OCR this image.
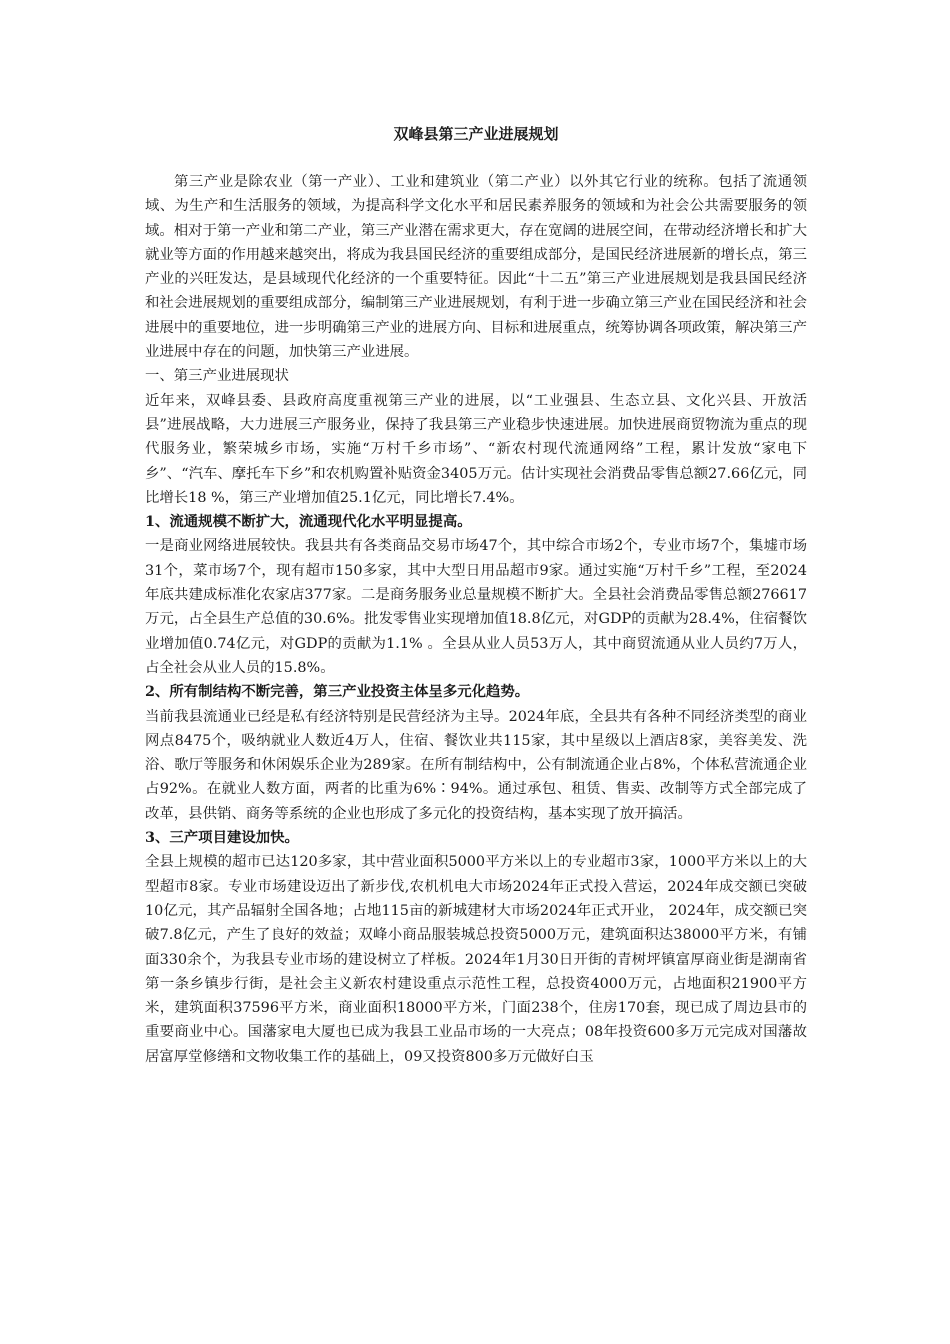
双峰县第三产业进展规划

第三产业是除农业（第一产业）、工业和建筑业（第二产业）以外其它行业的统称。包括了流通领域、为生产和生活服务的领域，为提高科学文化水平和居民素养服务的领域和为社会公共需要服务的领域。相对于第一产业和第二产业，第三产业潜在需求更大，存在宽阔的进展空间，在带动经济增长和扩大就业等方面的作用越来越突出，将成为我县国民经济的重要组成部分，是国民经济进展新的增长点，第三产业的兴旺发达，是县域现代化经济的一个重要特征。因此“十二五”第三产业进展规划是我县国民经济和社会进展规划的重要组成部分，编制第三产业进展规划，有利于进一步确立第三产业在国民经济和社会进展中的重要地位，进一步明确第三产业的进展方向、目标和进展重点，统筹协调各项政策，解决第三产业进展中存在的问题，加快第三产业进展。

一、第三产业进展现状

近年来，双峰县委、县政府高度重视第三产业的进展，以“工业强县、生态立县、文化兴县、开放活县”进展战略，大力进展三产服务业，保持了我县第三产业稳步快速进展。加快进展商贸物流为重点的现代服务业，繁荣城乡市场，实施“万村千乡市场”、“新农村现代流通网络”工程，累计发放“家电下乡”、“汽车、摩托车下乡”和农机购置补贴资金3405万元。估计实现社会消费品零售总额27.66亿元，同比增长18 %，第三产业增加值25.1亿元，同比增长7.4%。

1、流通规模不断扩大，流通现代化水平明显提高。

一是商业网络进展较快。我县共有各类商品交易市场47个，其中综合市场2个，专业市场7个，集墟市场31个，菜市场7个，现有超市150多家，其中大型日用品超市9家。通过实施“万村千乡”工程，至2024年底共建成标准化农家店377家。二是商务服务业总量规模不断扩大。全县社会消费品零售总额276617万元，占全县生产总值的30.6%。批发零售业实现增加值18.8亿元，对GDP的贡献为28.4%，住宿餐饮业增加值0.74亿元，对GDP的贡献为1.1% 。全县从业人员53万人，其中商贸流通从业人员约7万人，占全社会从业人员的15.8%。

2、所有制结构不断完善，第三产业投资主体呈多元化趋势。

当前我县流通业已经是私有经济特别是民营经济为主导。2024年底，全县共有各种不同经济类型的商业网点8475个，吸纳就业人数近4万人，住宿、餐饮业共115家，其中星级以上酒店8家，美容美发、洗浴、歌厅等服务和休闲娱乐企业为289家。在所有制结构中，公有制流通企业占8%，个体私营流通企业占92%。在就业人数方面，两者的比重为6%∶94%。通过承包、租赁、售卖、改制等方式全部完成了改革，县供销、商务等系统的企业也形成了多元化的投资结构，基本实现了放开搞活。

3、三产项目建设加快。

全县上规模的超市已达120多家，其中营业面积5000平方米以上的专业超市3家，1000平方米以上的大型超市8家。专业市场建设迈出了新步伐,农机机电大市场2024年正式投入营运，2024年成交额已突破10亿元，其产品辐射全国各地；占地115亩的新城建材大市场2024年正式开业， 2024年，成交额已突破7.8亿元，产生了良好的效益；双峰小商品服装城总投资5000万元，建筑面积达38000平方米，有铺面330余个，为我县专业市场的建设树立了样板。2024年1月30日开街的青树坪镇富厚商业街是湖南省第一条乡镇步行街，是社会主义新农村建设重点示范性工程，总投资4000万元，占地面积21900平方米，建筑面积37596平方米，商业面积18000平方米，门面238个，住房170套，现已成了周边县市的重要商业中心。国藩家电大厦也已成为我县工业品市场的一大亮点；08年投资600多万元完成对国藩故居富厚堂修缮和文物收集工作的基础上，09又投资800多万元做好白玉
